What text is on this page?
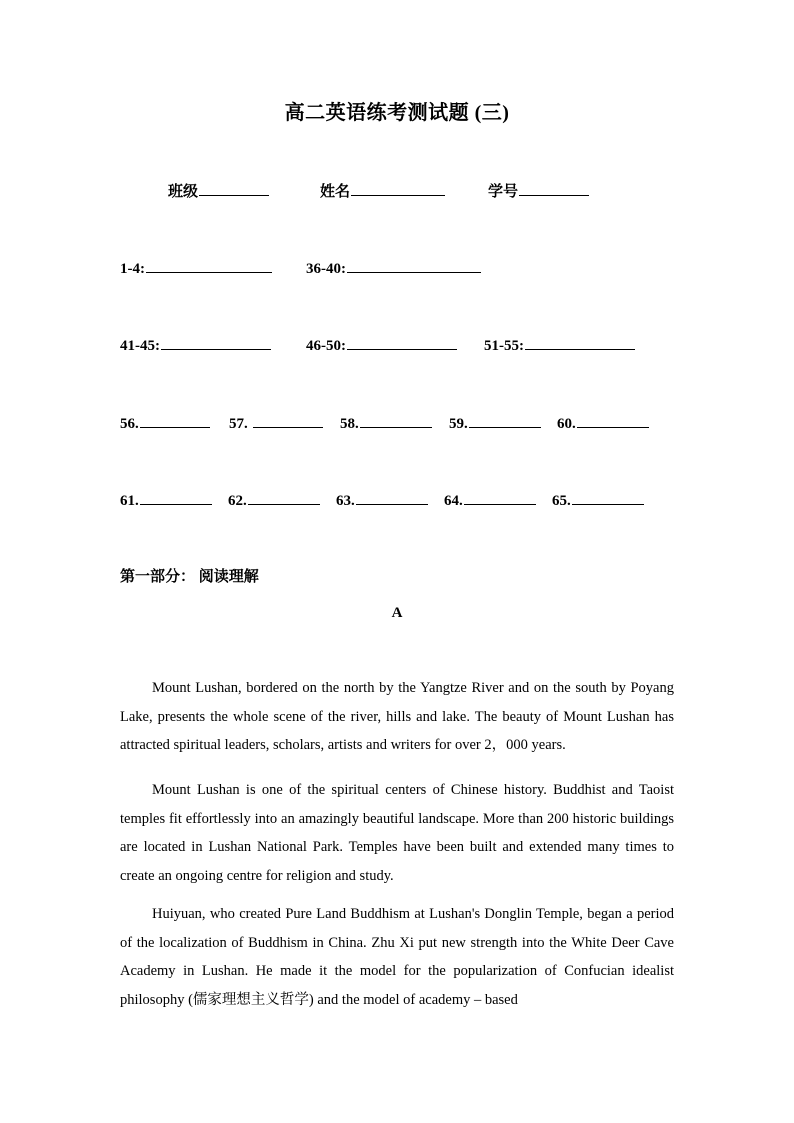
高二英语练考测试题 (三)
班级	姓名	学号
1-4:	36-40:
41-45:	46-50:	51-55:
56.	57.	58.	59.	60.
61.	62.	63.	64.	65.
第一部分： 阅读理解
A

Mount Lushan, bordered on the north by the Yangtze River and on the south by Poyang Lake, presents the whole scene of the river, hills and lake. The beauty of Mount Lushan has attracted spiritual leaders, scholars, artists and writers for over 2，000 years.

Mount Lushan is one of the spiritual centers of Chinese history. Buddhist and Taoist temples fit effortlessly into an amazingly beautiful landscape. More than 200 historic buildings are located in Lushan National Park. Temples have been built and extended many times to create an ongoing centre for religion and study.

Huiyuan, who created Pure Land Buddhism at Lushan's Donglin Temple, began a period of the localization of Buddhism in China. Zhu Xi put new strength into the White Deer Cave Academy in Lushan. He made it the model for the popularization of Confucian idealist philosophy (儒家理想主义哲学) and the model of academy – based
